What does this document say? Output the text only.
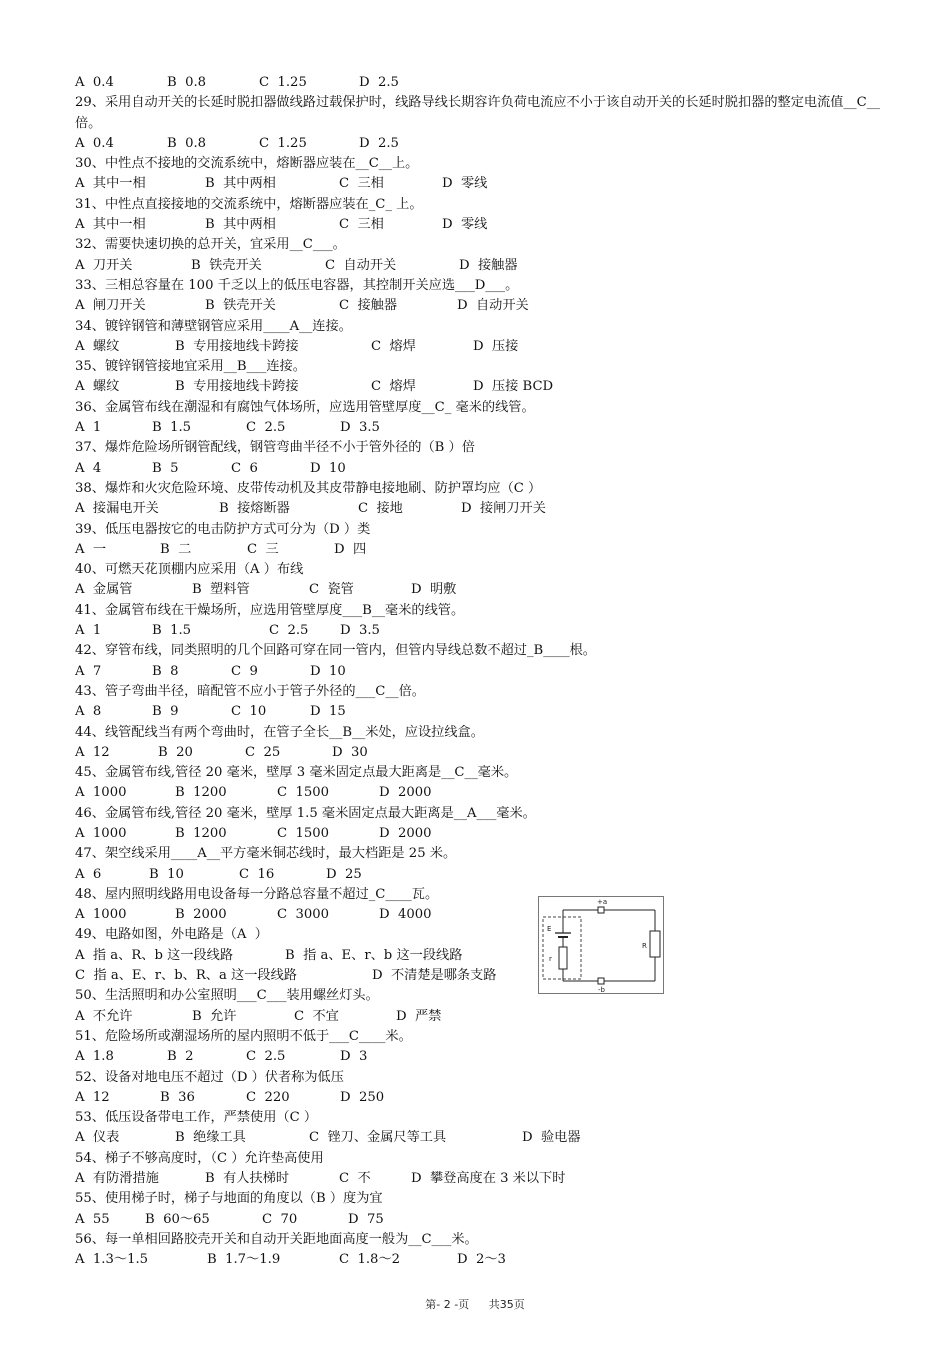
A  0.4	B  0.8	C  1.25	D  2.5
29、采用自动开关的长延时脱扣器做线路过载保护时，线路导线长期容许负荷电流应不小于该自动开关的长延时脱扣器的整定电流值__C__倍。
A  0.4	B  0.8	C  1.25	D  2.5
30、中性点不接地的交流系统中，熔断器应装在__C__上。
A  其中一相	B  其中两相	C  三相	D  零线
31、中性点直接接地的交流系统中，熔断器应装在_C_ 上。
A  其中一相	B  其中两相	C  三相	D  零线
32、需要快速切换的总开关，宜采用__C___。
A  刀开关	B  铁壳开关	C  自动开关	D  接触器
33、三相总容量在 100 千乏以上的低压电容器，其控制开关应选___D___。
A  闸刀开关	B  铁壳开关	C  接触器	D  自动开关
34、镀锌钢管和薄壁钢管应采用____A__连接。
A  螺纹	B  专用接地线卡跨接	C  熔焊	D  压接
35、镀锌钢管接地宜采用__B___连接。
A  螺纹	B  专用接地线卡跨接	C  熔焊	D  压接 BCD
36、金属管布线在潮湿和有腐蚀气体场所，应选用管壁厚度__C_ 毫米的线管。
A  1	B  1.5	C  2.5	D  3.5
37、爆炸危险场所钢管配线，钢管弯曲半径不小于管外径的（B ）倍
A  4	B  5	C  6	D  10
38、爆炸和火灾危险环境、皮带传动机及其皮带静电接地刷、防护罩均应（C ）
A  接漏电开关	B  接熔断器	C  接地	D  接闸刀开关
39、低压电器按它的电击防护方式可分为（D ）类
A  一	B  二	C  三	D  四
40、可燃天花顶棚内应采用（A ）布线
A  金属管	B  塑料管	C  瓷管	D  明敷
41、金属管布线在干燥场所，应选用管壁厚度___B__毫米的线管。
A  1	B  1.5	C  2.5 D  3.5
42、穿管布线，同类照明的几个回路可穿在同一管内，但管内导线总数不超过_B____根。
A  7	B  8	C  9	D  10
43、管子弯曲半径，暗配管不应小于管子外径的___C__倍。
A  8	B  9	C  10	D  15
44、线管配线当有两个弯曲时，在管子全长__B__米处，应设拉线盒。
A  12	B  20	C  25	D  30
45、金属管布线,管径 20 毫米，壁厚 3 毫米固定点最大距离是__C__毫米。
A  1000	B  1200	C  1500	D  2000
46、金属管布线,管径 20 毫米，壁厚 1.5 毫米固定点最大距离是__A___毫米。
A  1000	B  1200	C  1500	D  2000
47、架空线采用____A__平方毫米铜芯线时，最大档距是 25 米。
A  6	B  10	C  16	D  25
48、屋内照明线路用电设备每一分路总容量不超过_C____瓦。
A  1000	B  2000	C  3000	D  4000
49、电路如图，外电路是（A  ）
A  指 a、R、b 这一段线路	B  指 a、E、r、b 这一段线路
C  指 a、E、r、b、R、a 这一段线路	D  不清楚是哪条支路
50、生活照明和办公室照明___C___装用螺丝灯头。
A  不允许	B  允许	C  不宜	D  严禁
51、危险场所或潮湿场所的屋内照明不低于___C____米。
A  1.8	B  2	C  2.5	D  3
52、设备对地电压不超过（D ）伏者称为低压
A  12	B  36	C  220	D  250
53、低压设备带电工作，严禁使用（C ）
A  仪表	B  绝缘工具	C  锉刀、金属尺等工具	D  验电器
54、梯子不够高度时，（C ）允许垫高使用
A  有防滑措施	B  有人扶梯时	C  不	D  攀登高度在 3 米以下时
55、使用梯子时，梯子与地面的角度以（B ）度为宜
A  55	B  60～65	C  70	D  75
56、每一单相回路胶壳开关和自动开关距地面高度一般为__C___米。
A  1.3～1.5	B  1.7～1.9	C  1.8～2	D  2～3
+a
-b
E
r
R
第- 2 -页 共35页
